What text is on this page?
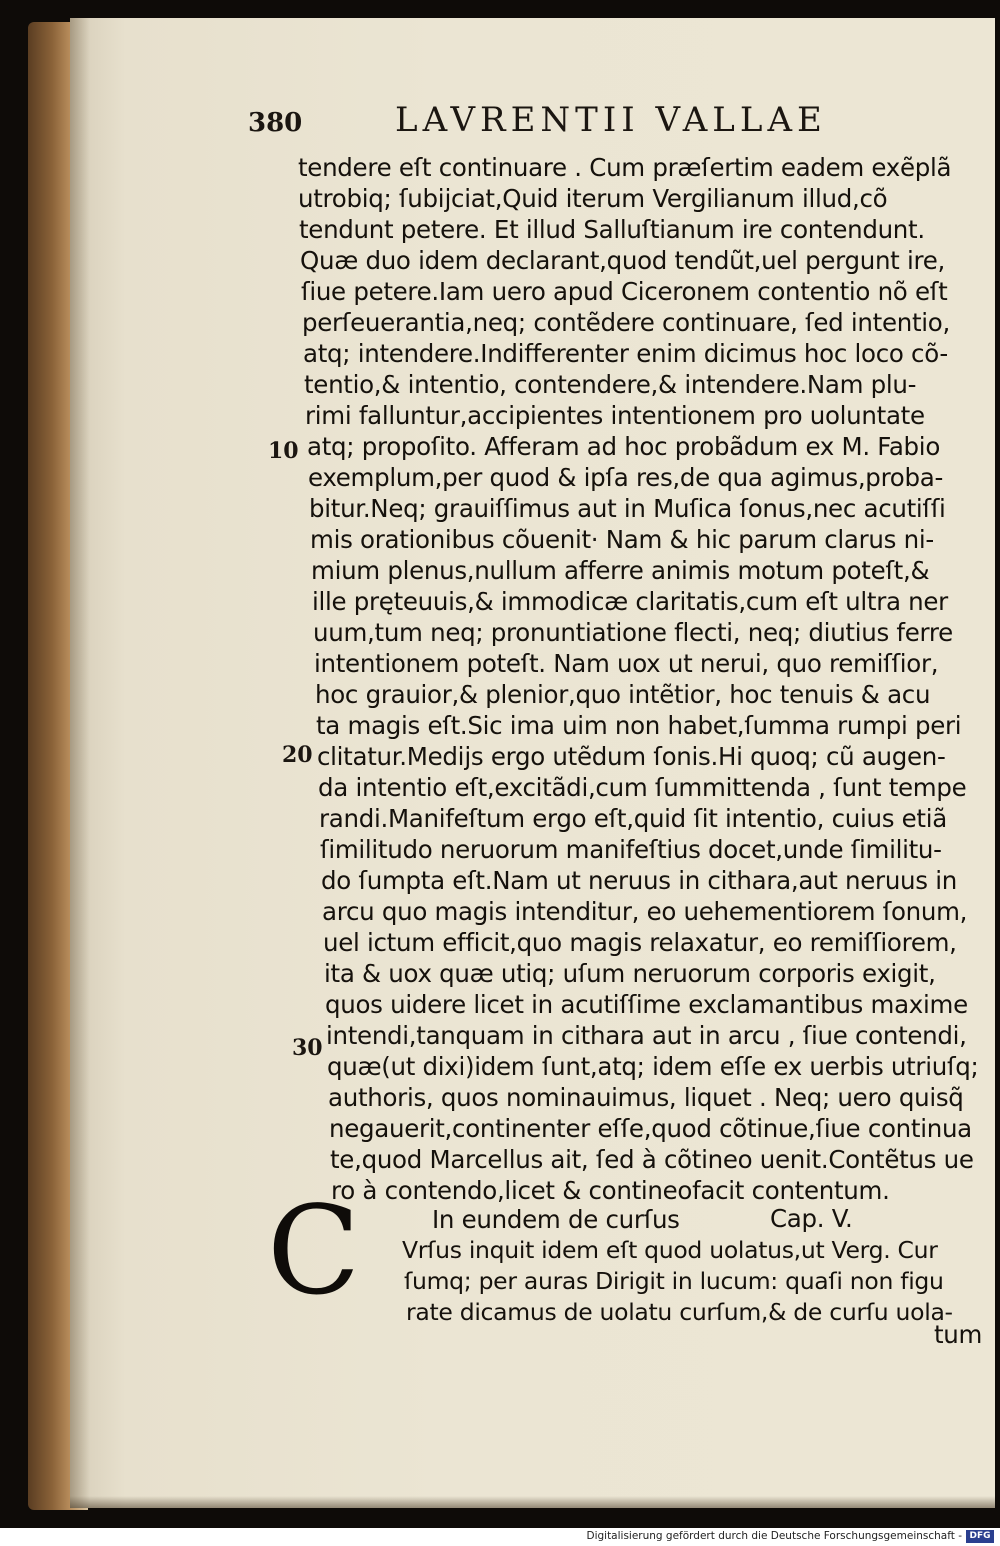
380	LAVRENTII VALLAE
tendere eſt continuare . Cum præſertim eadem exẽplã
utrobiq; ſubĳciat,Quid iterum Vergilianum illud,cõ
tendunt petere. Et illud Salluſtianum ire contendunt.
Quæ duo idem declarant,quod tendũt,uel pergunt ire,
ſiue petere.Iam uero apud Ciceronem contentio nõ eſt
perſeuerantia,neq; contẽdere continuare, ſed intentio,
atq; intendere.Indifferenter enim dicimus hoc loco cõ-
tentio,& intentio, contendere,& intendere.Nam plu-
rimi falluntur,accipientes intentionem pro uoluntate
atq; propoſito. Afferam ad hoc probãdum ex M. Fabio
exemplum,per quod & ipſa res,de qua agimus,proba-
bitur.Neq; grauiſſimus aut in Muſica ſonus,nec acutiſſi
mis orationibus cõuenit· Nam & hic parum clarus ni-
mium plenus,nullum afferre animis motum poteſt,&
ille pręteuuis,& immodicæ claritatis,cum eſt ultra ner
uum,tum neq; pronuntiatione flecti, neq; diutius ferre
intentionem poteſt. Nam uox ut nerui, quo remiſſior,
hoc grauior,& plenior,quo intẽtior, hoc tenuis & acu
ta magis eſt.Sic ima uim non habet,ſumma rumpi peri
clitatur.Medĳs ergo utẽdum ſonis.Hi quoq; cũ augen-
da intentio eſt,excitãdi,cum ſummittenda , ſunt tempe
randi.Manifeſtum ergo eſt,quid ſit intentio, cuius etiã
ſimilitudo neruorum manifeſtius docet,unde ſimilitu-
do ſumpta eſt.Nam ut neruus in cithara,aut neruus in
arcu quo magis intenditur, eo uehementiorem ſonum,
uel ictum efficit,quo magis relaxatur, eo remiſſiorem,
ita & uox quæ utiq; uſum neruorum corporis exigit,
quos uidere licet in acutiſſime exclamantibus maxime
intendi,tanquam in cithara aut in arcu , ſiue contendi,
quæ(ut dixi)idem ſunt,atq; idem eſſe ex uerbis utriuſq;
authoris, quos nominauimus, liquet . Neq; uero quisq̃
negauerit,continenter eſſe,quod cõtinue,ſiue continua
te,quod Marcellus ait, ſed à cõtineo uenit.Contẽtus ue
ro à contendo,licet & contineofacit contentum.
10
20
30
In eundem de curſus	Cap. V.
C Vrſus inquit idem eſt quod uolatus,ut Verg. Cur
ſumq; per auras Dirigit in lucum: quaſi non figu
rate dicamus de uolatu curſum,& de curſu uola-
tum
Digitalisierung gefördert durch die Deutsche Forschungsgemeinschaft - DFG
